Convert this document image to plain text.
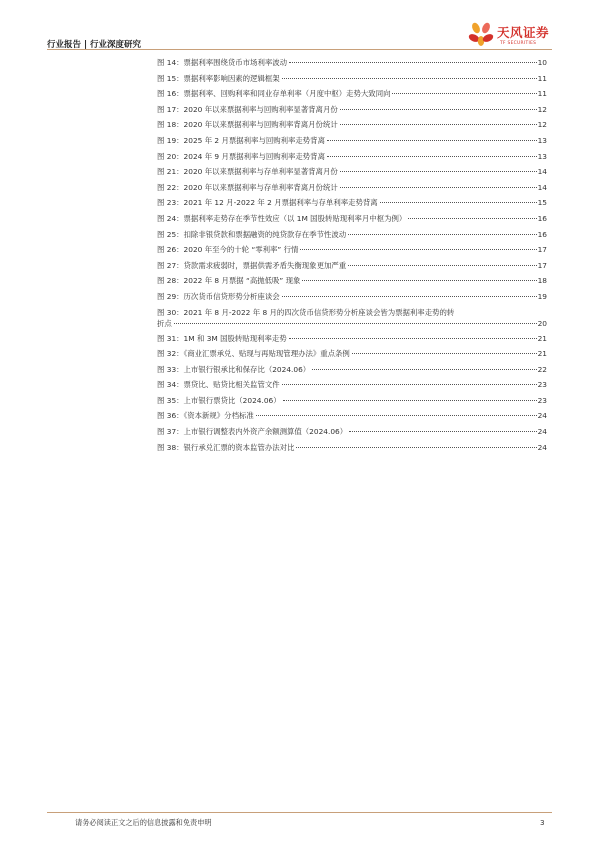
行业报告 | 行业深度研究
天风证券
TF SECURITIES
图 14：票据利率围绕货币市场利率波动	10
图 15：票据利率影响因素的逻辑框架	11
图 16：票据利率、回购利率和同业存单利率（月度中枢）走势大致同向	11
图 17：2020 年以来票据利率与回购利率显著背离月份	12
图 18：2020 年以来票据利率与回购利率背离月份统计	12
图 19：2025 年 2 月票据利率与回购利率走势背离	13
图 20：2024 年 9 月票据利率与回购利率走势背离	13
图 21：2020 年以来票据利率与存单利率显著背离月份	14
图 22：2020 年以来票据利率与存单利率背离月份统计	14
图 23：2021 年 12 月-2022 年 2 月票据利率与存单利率走势背离	15
图 24：票据利率走势存在季节性效应（以 1M 国股转贴现利率月中枢为例）	16
图 25：扣除非银贷款和票据融资的纯贷款存在季节性波动	16
图 26：2020 年至今的十轮 “零利率” 行情	17
图 27：贷款需求疲弱时，票据供需矛盾失衡现象更加严重	17
图 28：2022 年 8 月票据 “高抛低吸” 现象	18
图 29：历次货币信贷形势分析座谈会	19
图 30：2021 年 8 月-2022 年 8 月的四次货币信贷形势分析座谈会皆为票据利率走势的转
折点	20
图 31：1M 和 3M 国股转贴现利率走势	21
图 32：《商业汇票承兑、贴现与再贴现管理办法》重点条例	21
图 33：上市银行银承比和保存比（2024.06）	22
图 34：票贷比、贴贷比相关监管文件	23
图 35：上市银行票贷比（2024.06）	23
图 36：《资本新规》分档标准	24
图 37：上市银行调整表内外资产余额测算值（2024.06）	24
图 38：银行承兑汇票的资本监管办法对比	24
请务必阅读正文之后的信息披露和免责申明	3
